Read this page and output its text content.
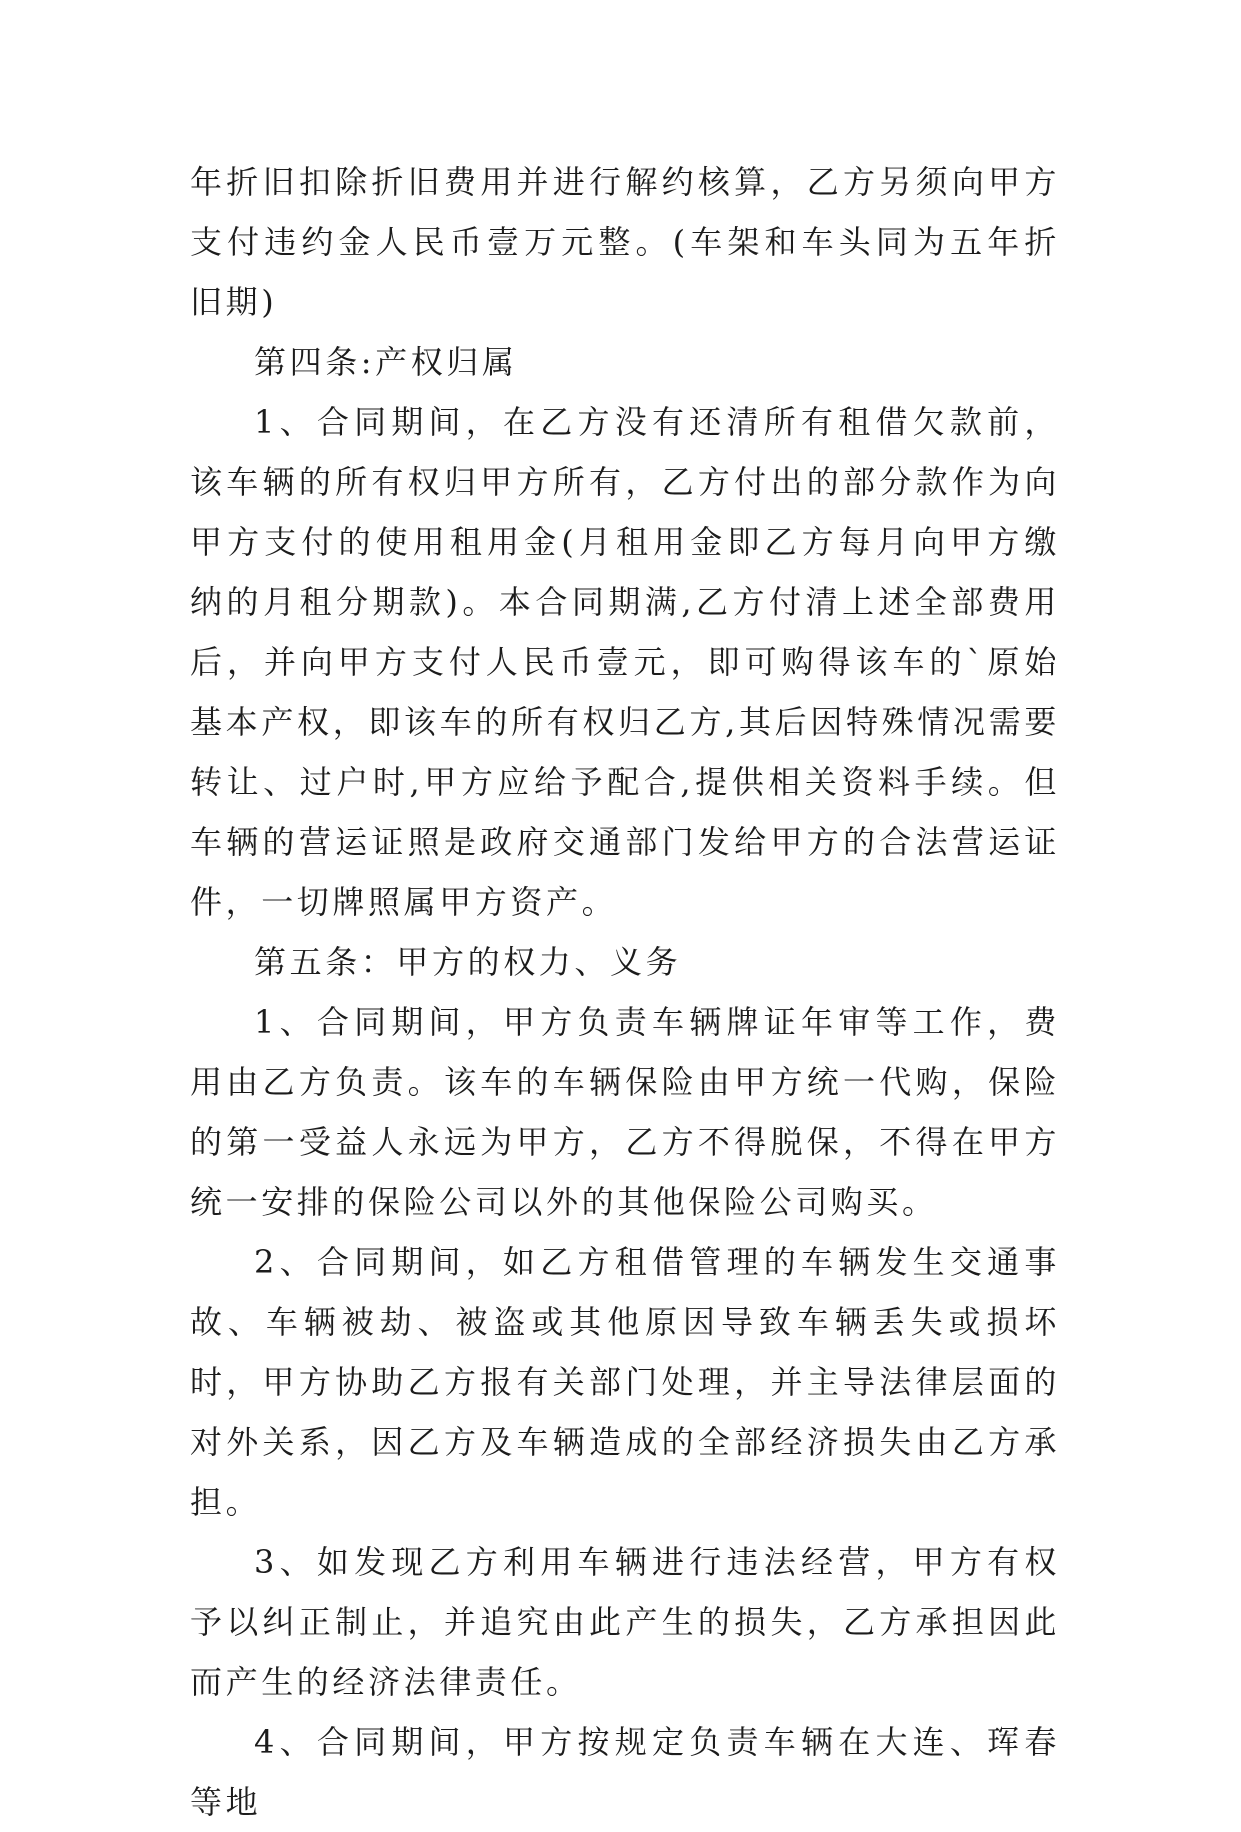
年折旧扣除折旧费用并进行解约核算，乙方另须向甲方支付违约金人民币壹万元整。(车架和车头同为五年折旧期)

第四条:产权归属

1、合同期间，在乙方没有还清所有租借欠款前，该车辆的所有权归甲方所有，乙方付出的部分款作为向甲方支付的使用租用金(月租用金即乙方每月向甲方缴纳的月租分期款)。本合同期满,乙方付清上述全部费用后，并向甲方支付人民币壹元，即可购得该车的`原始基本产权，即该车的所有权归乙方,其后因特殊情况需要转让、过户时,甲方应给予配合,提供相关资料手续。但车辆的营运证照是政府交通部门发给甲方的合法营运证件，一切牌照属甲方资产。

第五条：甲方的权力、义务

1、合同期间，甲方负责车辆牌证年审等工作，费用由乙方负责。该车的车辆保险由甲方统一代购，保险的第一受益人永远为甲方，乙方不得脱保，不得在甲方统一安排的保险公司以外的其他保险公司购买。

2、合同期间，如乙方租借管理的车辆发生交通事故、车辆被劫、被盗或其他原因导致车辆丢失或损坏时，甲方协助乙方报有关部门处理，并主导法律层面的对外关系，因乙方及车辆造成的全部经济损失由乙方承担。

3、如发现乙方利用车辆进行违法经营，甲方有权予以纠正制止，并追究由此产生的损失，乙方承担因此而产生的经济法律责任。

4、合同期间，甲方按规定负责车辆在大连、珲春等地
